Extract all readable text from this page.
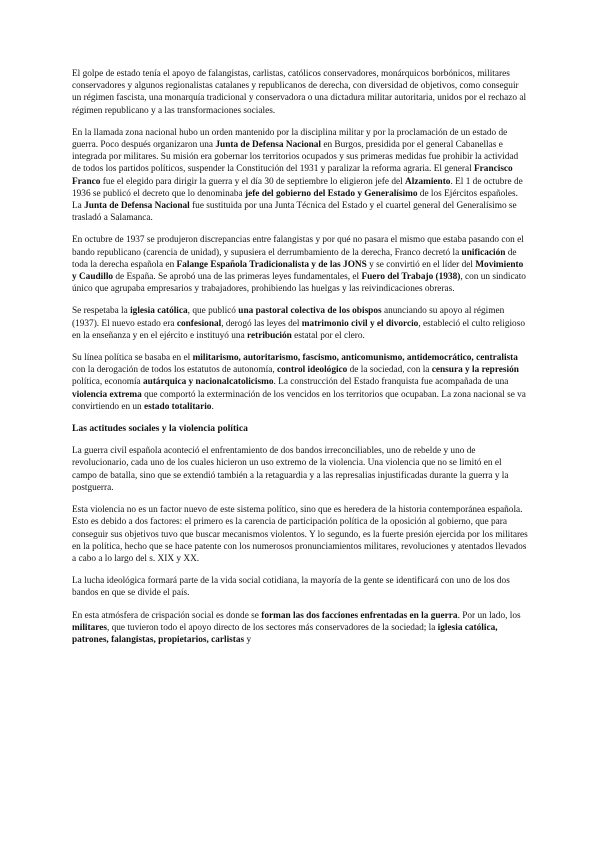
El golpe de estado tenía el apoyo de falangistas, carlistas, católicos conservadores, monárquicos borbónicos, militares conservadores y algunos regionalistas catalanes y republicanos de derecha, con diversidad de objetivos, como conseguir un régimen fascista, una monarquía tradicional y conservadora o una dictadura militar autoritaria, unidos por el rechazo al régimen republicano y a las transformaciones sociales.

En la llamada zona nacional hubo un orden mantenido por la disciplina militar y por la proclamación de un estado de guerra. Poco después organizaron una Junta de Defensa Nacional en Burgos, presidida por el general Cabanellas e integrada por militares. Su misión era gobernar los territorios ocupados y sus primeras medidas fue prohibir la actividad de todos los partidos políticos, suspender la Constitución del 1931 y paralizar la reforma agraria. El general Francisco Franco fue el elegido para dirigir la guerra y el día 30 de septiembre lo eligieron jefe del Alzamiento. El 1 de octubre de 1936 se publicó el decreto que lo denominaba jefe del gobierno del Estado y Generalísimo de los Ejércitos españoles. La Junta de Defensa Nacional fue sustituida por una Junta Técnica del Estado y el cuartel general del Generalísimo se trasladó a Salamanca.

En octubre de 1937 se produjeron discrepancias entre falangistas y por qué no pasara el mismo que estaba pasando con el bando republicano (carencia de unidad), y supusiera el derrumbamiento de la derecha, Franco decretó la unificación de toda la derecha española en Falange Española Tradicionalista y de las JONS y se convirtió en el líder del Movimiento y Caudillo de España. Se aprobó una de las primeras leyes fundamentales, el Fuero del Trabajo (1938), con un sindicato único que agrupaba empresarios y trabajadores, prohibiendo las huelgas y las reivindicaciones obreras.

Se respetaba la iglesia católica, que publicó una pastoral colectiva de los obispos anunciando su apoyo al régimen (1937). El nuevo estado era confesional, derogó las leyes del matrimonio civil y el divorcio, estableció el culto religioso en la enseñanza y en el ejército e instituyó una retribución estatal por el clero.

Su línea política se basaba en el militarismo, autoritarismo, fascismo, anticomunismo, antidemocrático, centralista con la derogación de todos los estatutos de autonomía, control ideológico de la sociedad, con la censura y la represión política, economía autárquica y nacionalcatolicismo. La construcción del Estado franquista fue acompañada de una violencia extrema que comportó la exterminación de los vencidos en los territorios que ocupaban. La zona nacional se va convirtiendo en un estado totalitario.

Las actitudes sociales y la violencia política

La guerra civil española aconteció el enfrentamiento de dos bandos irreconciliables, uno de rebelde y uno de revolucionario, cada uno de los cuales hicieron un uso extremo de la violencia. Una violencia que no se limitó en el campo de batalla, sino que se extendió también a la retaguardia y a las represalias injustificadas durante la guerra y la postguerra.

Esta violencia no es un factor nuevo de este sistema político, sino que es heredera de la historia contemporánea española. Esto es debido a dos factores: el primero es la carencia de participación política de la oposición al gobierno, que para conseguir sus objetivos tuvo que buscar mecanismos violentos. Y lo segundo, es la fuerte presión ejercida por los militares en la política, hecho que se hace patente con los numerosos pronunciamientos militares, revoluciones y atentados llevados a cabo a lo largo del s. XIX y XX.

La lucha ideológica formará parte de la vida social cotidiana, la mayoría de la gente se identificará con uno de los dos bandos en que se divide el país.

En esta atmósfera de crispación social es donde se forman las dos facciones enfrentadas en la guerra. Por un lado, los militares, que tuvieron todo el apoyo directo de los sectores más conservadores de la sociedad; la iglesia católica, patrones, falangistas, propietarios, carlistas y
